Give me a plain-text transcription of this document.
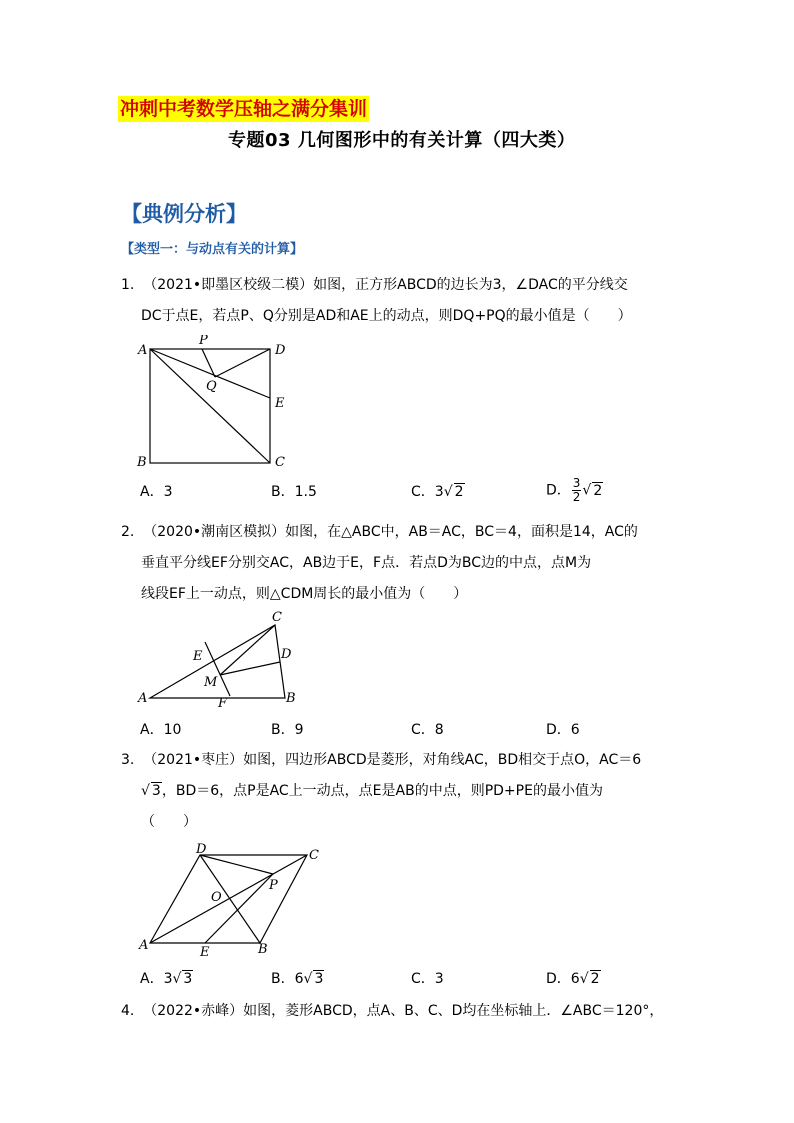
冲刺中考数学压轴之满分集训
专题03 几何图形中的有关计算（四大类）
【典例分析】
【类型一：与动点有关的计算】
1. （2021•即墨区校级二模）如图，正方形ABCD的边长为3，∠DAC的平分线交
DC于点E，若点P、Q分别是AD和AE上的动点，则DQ+PQ的最小值是（　　）
A
P
D
Q
E
B	C
A．3	B．1.5	C．3√ 2	D． $\frac{3}{2}$ √ 2
2. （2020•潮南区模拟）如图，在△ABC中，AB＝AC，BC＝4，面积是14，AC的
垂直平分线EF分别交AC，AB边于E，F点．若点D为BC边的中点，点M为
线段EF上一动点，则△CDM周长的最小值为（　　）
C
E	D
M
A	F	B
A．10	B．9	C．8	D．6
3. （2021•枣庄）如图，四边形ABCD是菱形，对角线AC，BD相交于点O，AC＝6
√ 3，BD＝6，点P是AC上一动点，点E是AB的中点，则PD+PE的最小值为
（　　）
D	C
P
O
A	E	B
A．3√ 3	B．6√ 3	C．3	D．6√ 2
4. （2022•赤峰）如图，菱形ABCD，点A、B、C、D均在坐标轴上．∠ABC＝120°，
